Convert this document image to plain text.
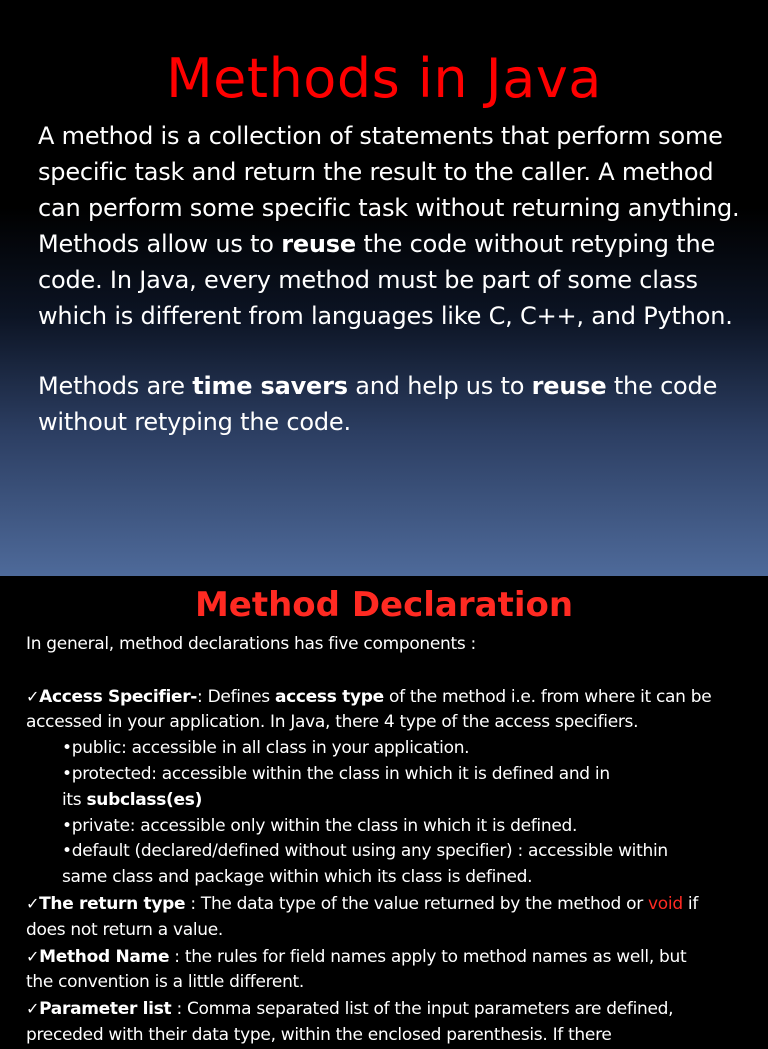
Methods in Java

A method is a collection of statements that perform some specific task and return the result to the caller. A method can perform some specific task without returning anything. Methods allow us to reuse the code without retyping the code. In Java, every method must be part of some class which is different from languages like C, C++, and Python.

Methods are time savers and help us to reuse the code without retyping the code.

Method Declaration
In general, method declarations has five components :
✓Access Specifier-: Defines access type of the method i.e. from where it can be
accessed in your application. In Java, there 4 type of the access specifiers.
•public: accessible in all class in your application.
•protected: accessible within the class in which it is defined and in
its subclass(es)
•private: accessible only within the class in which it is defined.
•default (declared/defined without using any specifier) : accessible within
same class and package within which its class is defined.
✓The return type : The data type of the value returned by the method or void if
does not return a value.
✓Method Name : the rules for field names apply to method names as well, but
the convention is a little different.
✓Parameter list : Comma separated list of the input parameters are defined,
preceded with their data type, within the enclosed parenthesis. If there
